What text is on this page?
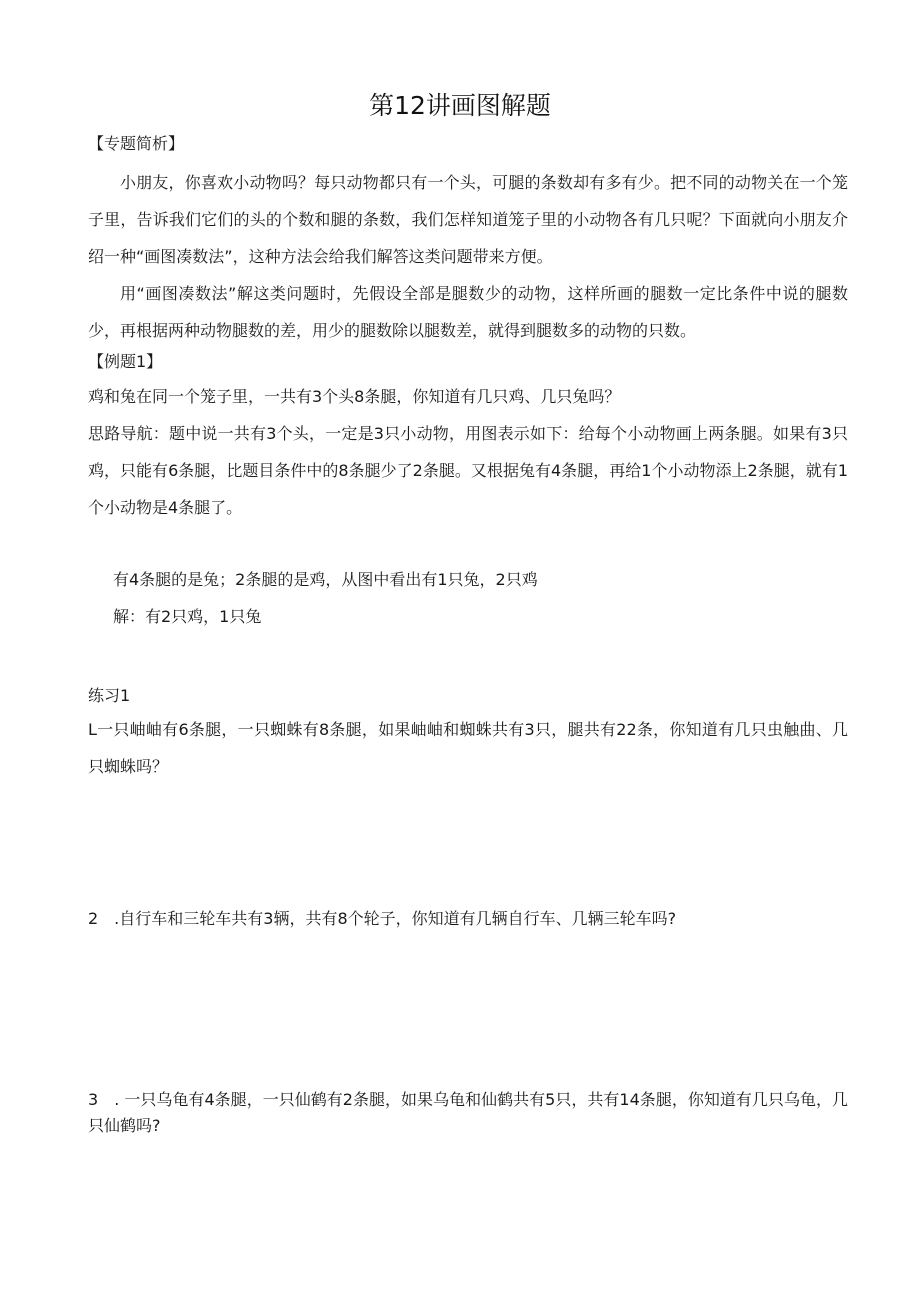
第12讲画图解题
【专题简析】
小朋友，你喜欢小动物吗？每只动物都只有一个头，可腿的条数却有多有少。把不同的动物关在一个笼子里，告诉我们它们的头的个数和腿的条数，我们怎样知道笼子里的小动物各有几只呢？下面就向小朋友介绍一种“画图凑数法”，这种方法会给我们解答这类问题带来方便。
用“画图凑数法”解这类问题时，先假设全部是腿数少的动物，这样所画的腿数一定比条件中说的腿数少，再根据两种动物腿数的差，用少的腿数除以腿数差，就得到腿数多的动物的只数。
【例题1】
鸡和兔在同一个笼子里，一共有3个头8条腿，你知道有几只鸡、几只兔吗？
思路导航：题中说一共有3个头，一定是3只小动物，用图表示如下：给每个小动物画上两条腿。如果有3只鸡，只能有6条腿，比题目条件中的8条腿少了2条腿。又根据兔有4条腿，再给1个小动物添上2条腿，就有1个小动物是4条腿了。
有4条腿的是兔；2条腿的是鸡，从图中看出有1只兔，2只鸡
解：有2只鸡，1只兔
练习1
L一只岫岫有6条腿，一只蜘蛛有8条腿，如果岫岫和蜘蛛共有3只，腿共有22条，你知道有几只虫触曲、几只蜘蛛吗？
2　.自行车和三轮车共有3辆，共有8个轮子，你知道有几辆自行车、几辆三轮车吗?
3　. 一只乌龟有4条腿，一只仙鹤有2条腿，如果乌龟和仙鹤共有5只，共有14条腿，你知道有几只乌龟，几只仙鹤吗?
